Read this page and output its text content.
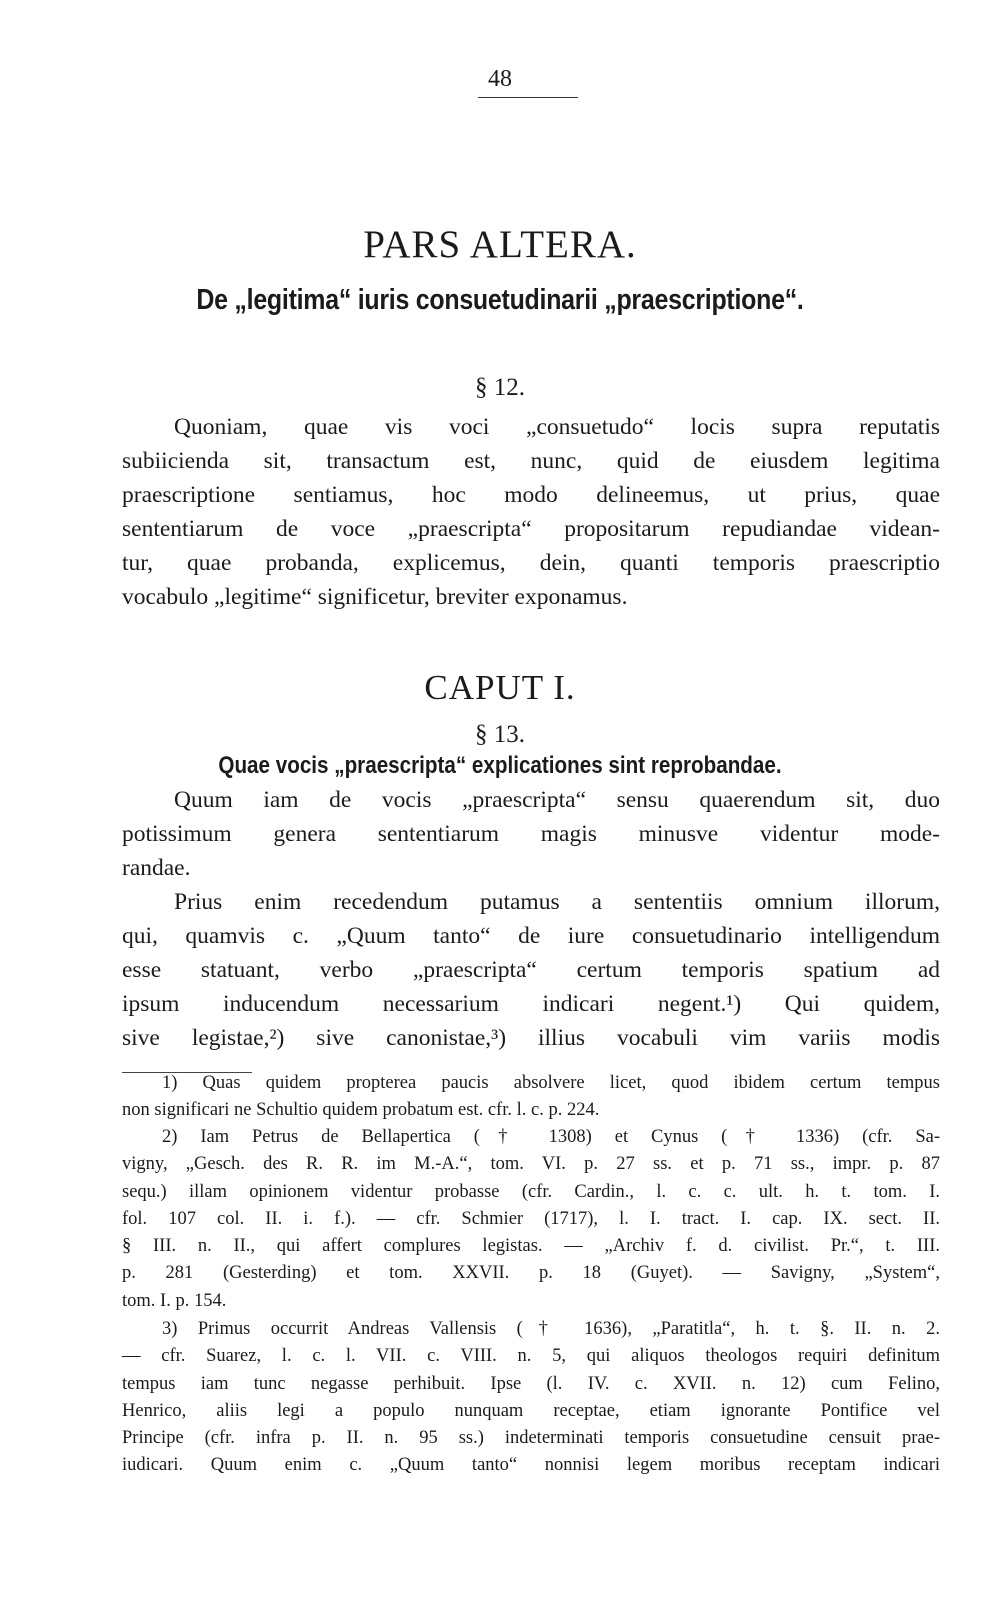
48
PARS ALTERA.
De „legitima“ iuris consuetudinarii „praescriptione“.
§ 12.
Quoniam, quae vis voci „consuetudo“ locis supra reputatis
subiicienda sit, transactum est, nunc, quid de eiusdem legitima
praescriptione sentiamus, hoc modo delineemus, ut prius, quae
sententiarum de voce „praescripta“ propositarum repudiandae videan-
tur, quae probanda, explicemus, dein, quanti temporis praescriptio
vocabulo „legitime“ significetur, breviter exponamus.
CAPUT I.
§ 13.
Quae vocis „praescripta“ explicationes sint reprobandae.
Quum iam de vocis „praescripta“ sensu quaerendum sit, duo
potissimum genera sententiarum magis minusve videntur mode-
randae.
Prius enim recedendum putamus a sententiis omnium illorum,
qui, quamvis c. „Quum tanto“ de iure consuetudinario intelligendum
esse statuant, verbo „praescripta“ certum temporis spatium ad
ipsum inducendum necessarium indicari negent.¹) Qui quidem,
sive legistae,²) sive canonistae,³) illius vocabuli vim variis modis
1) Quas quidem propterea paucis absolvere licet, quod ibidem certum tempus
non significari ne Schultio quidem probatum est. cfr. l. c. p. 224.
2) Iam Petrus de Bellapertica († 1308) et Cynus († 1336) (cfr. Sa-
vigny, „Gesch. des R. R. im M.-A.“, tom. VI. p. 27 ss. et p. 71 ss., impr. p. 87
sequ.) illam opinionem videntur probasse (cfr. Cardin., l. c. c. ult. h. t. tom. I.
fol. 107 col. II. i. f.). — cfr. Schmier (1717), l. I. tract. I. cap. IX. sect. II.
§ III. n. II., qui affert complures legistas. — „Archiv f. d. civilist. Pr.“, t. III.
p. 281 (Gesterding) et tom. XXVII. p. 18 (Guyet). — Savigny, „System“,
tom. I. p. 154.
3) Primus occurrit Andreas Vallensis († 1636), „Paratitla“, h. t. §. II. n. 2.
— cfr. Suarez, l. c. l. VII. c. VIII. n. 5, qui aliquos theologos requiri definitum
tempus iam tunc negasse perhibuit. Ipse (l. IV. c. XVII. n. 12) cum Felino,
Henrico, aliis legi a populo nunquam receptae, etiam ignorante Pontifice vel
Principe (cfr. infra p. II. n. 95 ss.) indeterminati temporis consuetudine censuit prae-
iudicari. Quum enim c. „Quum tanto“ nonnisi legem moribus receptam indicari
